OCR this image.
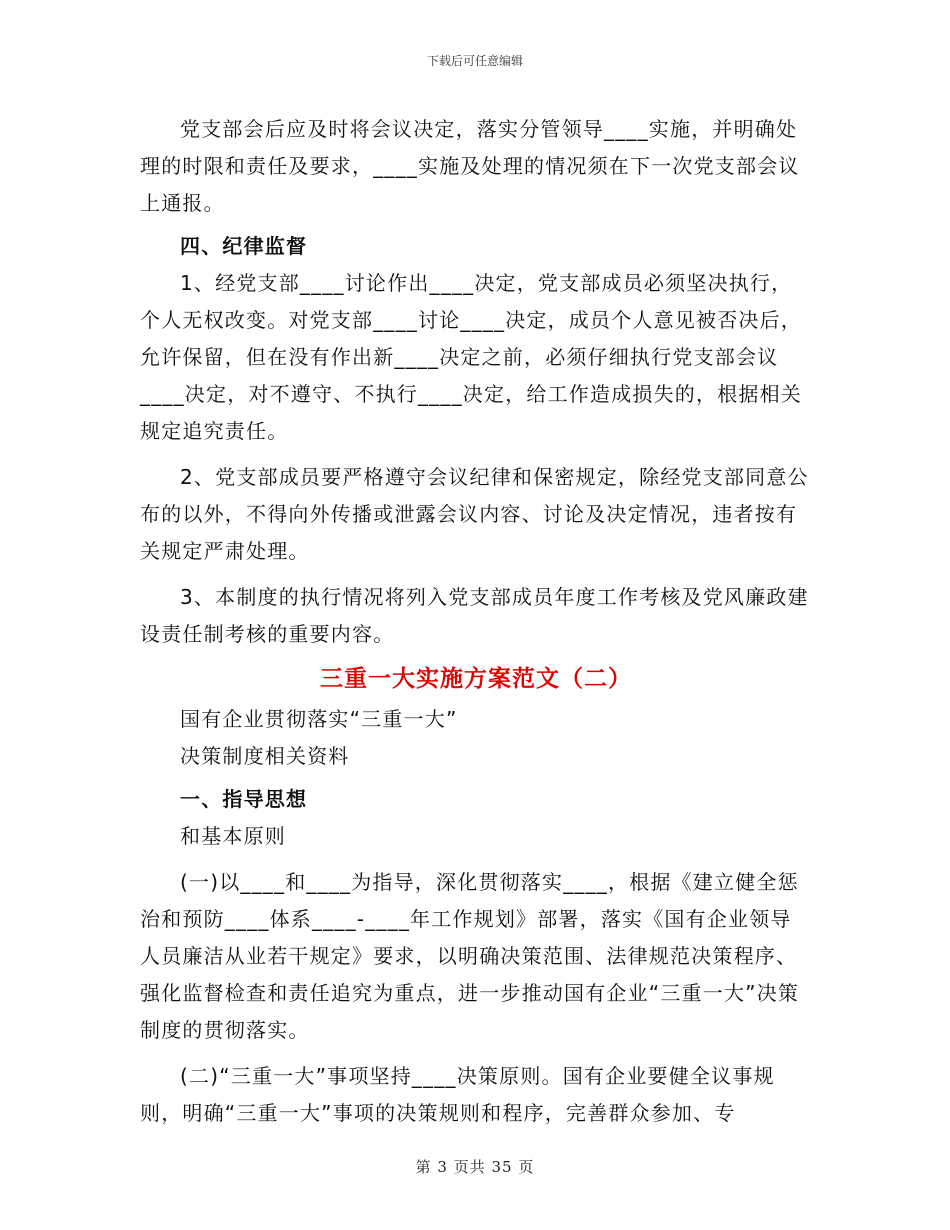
下载后可任意编辑

党支部会后应及时将会议决定，落实分管领导____实施，并明确处理的时限和责任及要求，____实施及处理的情况须在下一次党支部会议上通报。

四、纪律监督

1、经党支部____讨论作出____决定，党支部成员必须坚决执行，个人无权改变。对党支部____讨论____决定，成员个人意见被否决后，允许保留，但在没有作出新____决定之前，必须仔细执行党支部会议____决定，对不遵守、不执行____决定，给工作造成损失的，根据相关规定追究责任。

2、党支部成员要严格遵守会议纪律和保密规定，除经党支部同意公布的以外，不得向外传播或泄露会议内容、讨论及决定情况，违者按有关规定严肃处理。

3、本制度的执行情况将列入党支部成员年度工作考核及党风廉政建设责任制考核的重要内容。

三重一大实施方案范文（二）

国有企业贯彻落实“三重一大”

决策制度相关资料

一、指导思想

和基本原则

(一)以____和____为指导，深化贯彻落实____，根据《建立健全惩治和预防____体系____-____年工作规划》部署，落实《国有企业领导人员廉洁从业若干规定》要求，以明确决策范围、法律规范决策程序、强化监督检查和责任追究为重点，进一步推动国有企业“三重一大”决策制度的贯彻落实。

(二)“三重一大”事项坚持____决策原则。国有企业要健全议事规则，明确“三重一大”事项的决策规则和程序，完善群众参加、专

第 3 页共 35 页
